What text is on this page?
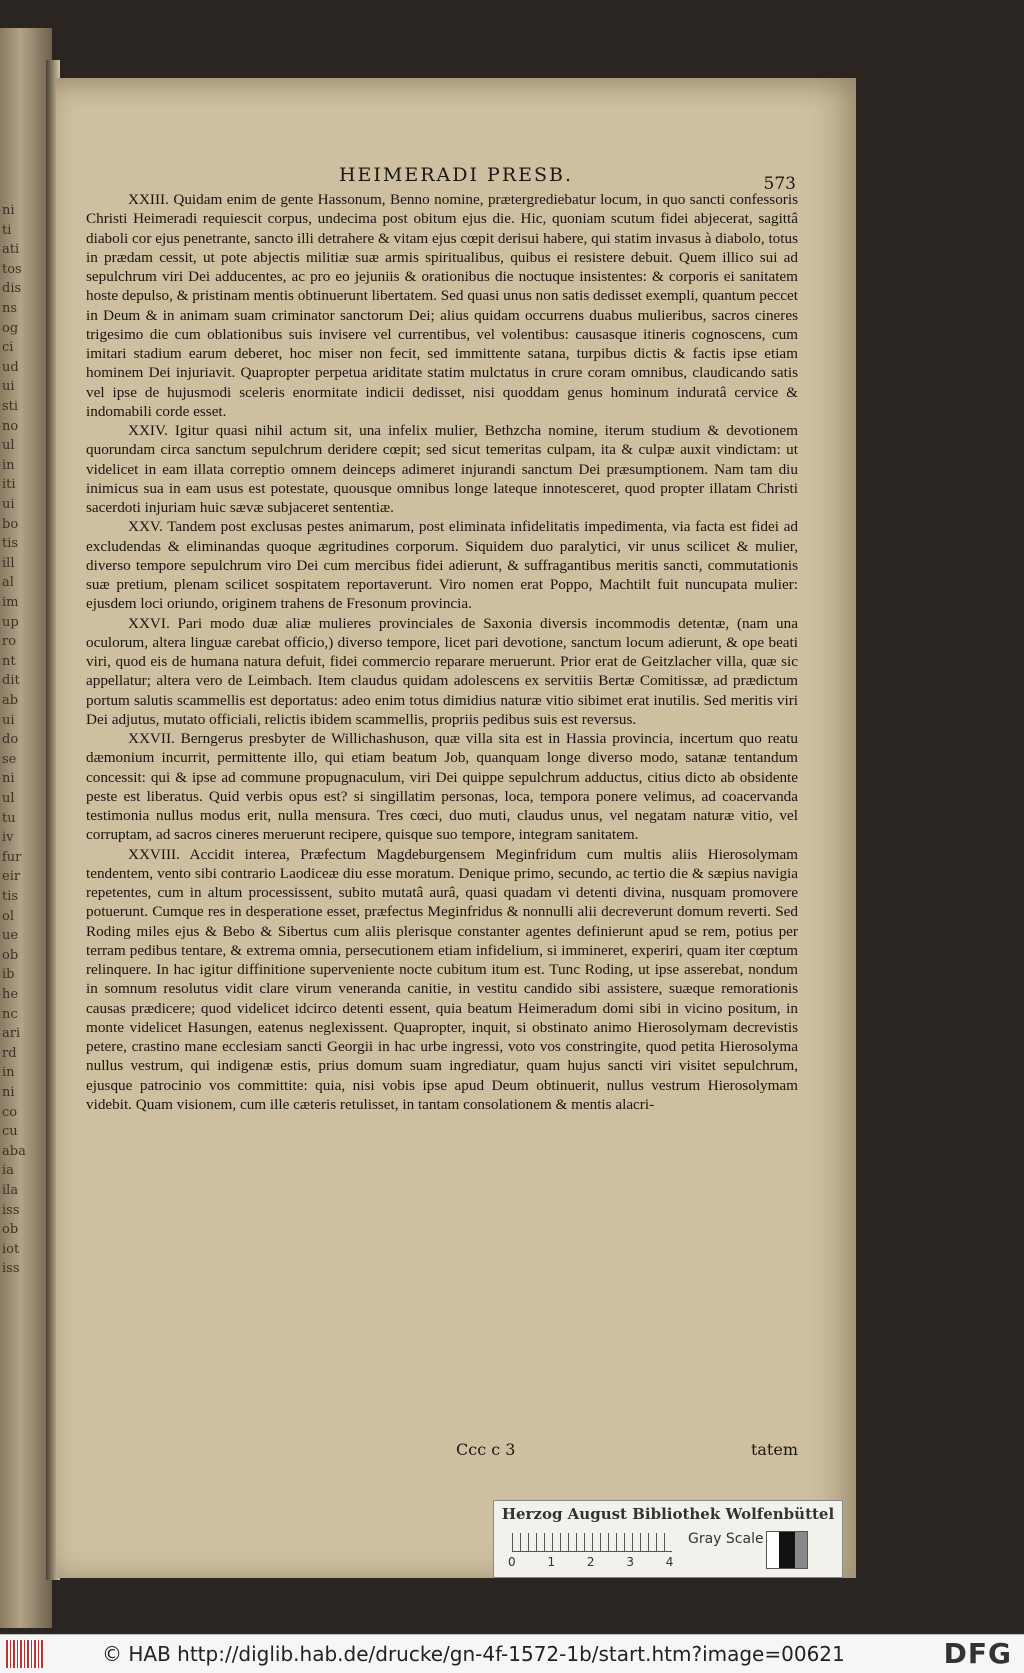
ni
ti
ati
tos
dis
ns
og
ci
ud
ui
sti
no
ul
in
iti
ui
bo
tis
ill
al
im
up
ro
nt
dit
ab
ui
do
se
ni
ul
tu
iv
fur
eir
tis
ol
ue
ob
ib
he
nc
ari
rd
in
ni
co
cu
aba
ia
ila
iss
ob
iot
iss
HEIMERADI PRESB.	573

XXIII. Quidam enim de gente Hassonum, Benno nomine, prætergrediebatur locum, in quo sancti confessoris Christi Heimeradi requiescit corpus, undecima post obitum ejus die. Hic, quoniam scutum fidei abjecerat, sagittâ diaboli cor ejus penetrante, sancto illi detrahere & vitam ejus cœpit derisui habere, qui statim invasus à diabolo, totus in prædam cessit, ut pote abjectis militiæ suæ armis spiritualibus, quibus ei resistere debuit. Quem illico sui ad sepulchrum viri Dei adducentes, ac pro eo jejuniis & orationibus die noctuque insistentes: & corporis ei sanitatem hoste depulso, & pristinam mentis obtinuerunt libertatem. Sed quasi unus non satis dedisset exempli, quantum peccet in Deum & in animam suam criminator sanctorum Dei; alius quidam occurrens duabus mulieribus, sacros cineres trigesimo die cum oblationibus suis invisere vel currentibus, vel volentibus: causasque itineris cognoscens, cum imitari stadium earum deberet, hoc miser non fecit, sed immittente satana, turpibus dictis & factis ipse etiam hominem Dei injuriavit. Quapropter perpetua ariditate statim mulctatus in crure coram omnibus, claudicando satis vel ipse de hujusmodi sceleris enormitate indicii dedisset, nisi quoddam genus hominum induratâ cervice & indomabili corde esset.

XXIV. Igitur quasi nihil actum sit, una infelix mulier, Bethzcha nomine, iterum studium & devotionem quorundam circa sanctum sepulchrum deridere cœpit; sed sicut temeritas culpam, ita & culpæ auxit vindictam: ut videlicet in eam illata correptio omnem deinceps adimeret injurandi sanctum Dei præsumptionem. Nam tam diu inimicus sua in eam usus est potestate, quousque omnibus longe lateque innotesceret, quod propter illatam Christi sacerdoti injuriam huic sævæ subjaceret sententiæ.

XXV. Tandem post exclusas pestes animarum, post eliminata infidelitatis impedimenta, via facta est fidei ad excludendas & eliminandas quoque ægritudines corporum. Siquidem duo paralytici, vir unus scilicet & mulier, diverso tempore sepulchrum viro Dei cum mercibus fidei adierunt, & suffragantibus meritis sancti, commutationis suæ pretium, plenam scilicet sospitatem reportaverunt. Viro nomen erat Poppo, Machtilt fuit nuncupata mulier: ejusdem loci oriundo, originem trahens de Fresonum provincia.

XXVI. Pari modo duæ aliæ mulieres provinciales de Saxonia diversis incommodis detentæ, (nam una oculorum, altera linguæ carebat officio,) diverso tempore, licet pari devotione, sanctum locum adierunt, & ope beati viri, quod eis de humana natura defuit, fidei commercio reparare meruerunt. Prior erat de Geitzlacher villa, quæ sic appellatur; altera vero de Leimbach. Item claudus quidam adolescens ex servitiis Bertæ Comitissæ, ad prædictum portum salutis scammellis est deportatus: adeo enim totus dimidius naturæ vitio sibimet erat inutilis. Sed meritis viri Dei adjutus, mutato officiali, relictis ibidem scammellis, propriis pedibus suis est reversus.

XXVII. Berngerus presbyter de Willichashuson, quæ villa sita est in Hassia provincia, incertum quo reatu dæmonium incurrit, permittente illo, qui etiam beatum Job, quanquam longe diverso modo, satanæ tentandum concessit: qui & ipse ad commune propugnaculum, viri Dei quippe sepulchrum adductus, citius dicto ab obsidente peste est liberatus. Quid verbis opus est? si singillatim personas, loca, tempora ponere velimus, ad coacervanda testimonia nullus modus erit, nulla mensura. Tres cœci, duo muti, claudus unus, vel negatam naturæ vitio, vel corruptam, ad sacros cineres meruerunt recipere, quisque suo tempore, integram sanitatem.

XXVIII. Accidit interea, Præfectum Magdeburgensem Meginfridum cum multis aliis Hierosolymam tendentem, vento sibi contrario Laodiceæ diu esse moratum. Denique primo, secundo, ac tertio die & sæpius navigia repetentes, cum in altum processissent, subito mutatâ aurâ, quasi quadam vi detenti divina, nusquam promovere potuerunt. Cumque res in desperatione esset, præfectus Meginfridus & nonnulli alii decreverunt domum reverti. Sed Roding miles ejus & Bebo & Sibertus cum aliis plerisque constanter agentes definierunt apud se rem, potius per terram pedibus tentare, & extrema omnia, persecutionem etiam infidelium, si immineret, experiri, quam iter cœptum relinquere. In hac igitur diffinitione superveniente nocte cubitum itum est. Tunc Roding, ut ipse asserebat, nondum in somnum resolutus vidit clare virum veneranda canitie, in vestitu candido sibi assistere, suæque remorationis causas prædicere; quod videlicet idcirco detenti essent, quia beatum Heimeradum domi sibi in vicino positum, in monte videlicet Hasungen, eatenus neglexissent. Quapropter, inquit, si obstinato animo Hierosolymam decrevistis petere, crastino mane ecclesiam sancti Georgii in hac urbe ingressi, voto vos constringite, quod petita Hierosolyma nullus vestrum, qui indigenæ estis, prius domum suam ingrediatur, quam hujus sancti viri visitet sepulchrum, ejusque patrocinio vos committite: quia, nisi vobis ipse apud Deum obtinuerit, nullus vestrum Hierosolymam videbit. Quam visionem, cum ille cæteris retulisset, in tantam consolationem & mentis alacri-

Ccc c 3	tatem
Herzog August Bibliothek Wolfenbüttel
0 1 2 3 4
Gray Scale
© HAB http://diglib.hab.de/drucke/gn-4f-1572-1b/start.htm?image=00621	DFG
